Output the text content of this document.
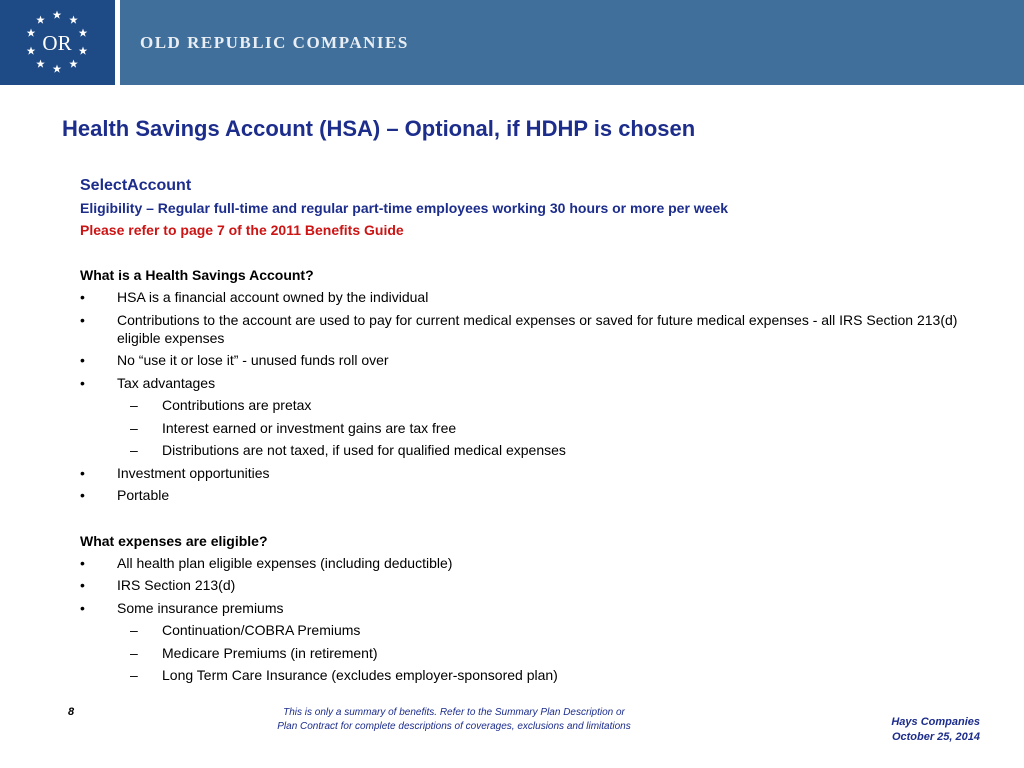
OR	OLD REPUBLIC COMPANIES
Health Savings Account (HSA) – Optional, if HDHP is chosen
SelectAccount
Eligibility – Regular full-time and regular part-time employees working 30 hours or more per week
Please refer to page 7 of the 2011 Benefits Guide
What is a Health Savings Account?
• HSA is a financial account owned by the individual
• Contributions to the account are used to pay for current medical expenses or saved for future medical expenses - all IRS Section 213(d) eligible expenses
• No “use it or lose it” - unused funds roll over
• Tax advantages
– Contributions are pretax
– Interest earned or investment gains are tax free
– Distributions are not taxed, if used for qualified medical expenses
• Investment opportunities
• Portable
What expenses are eligible?
• All health plan eligible expenses (including deductible)
• IRS Section 213(d)
• Some insurance premiums
– Continuation/COBRA Premiums
– Medicare Premiums (in retirement)
– Long Term Care Insurance (excludes employer-sponsored plan)
8	This is only a summary of benefits. Refer to the Summary Plan Description or
Plan Contract for complete descriptions of coverages, exclusions and limitations	Hays Companies
October 25, 2014
